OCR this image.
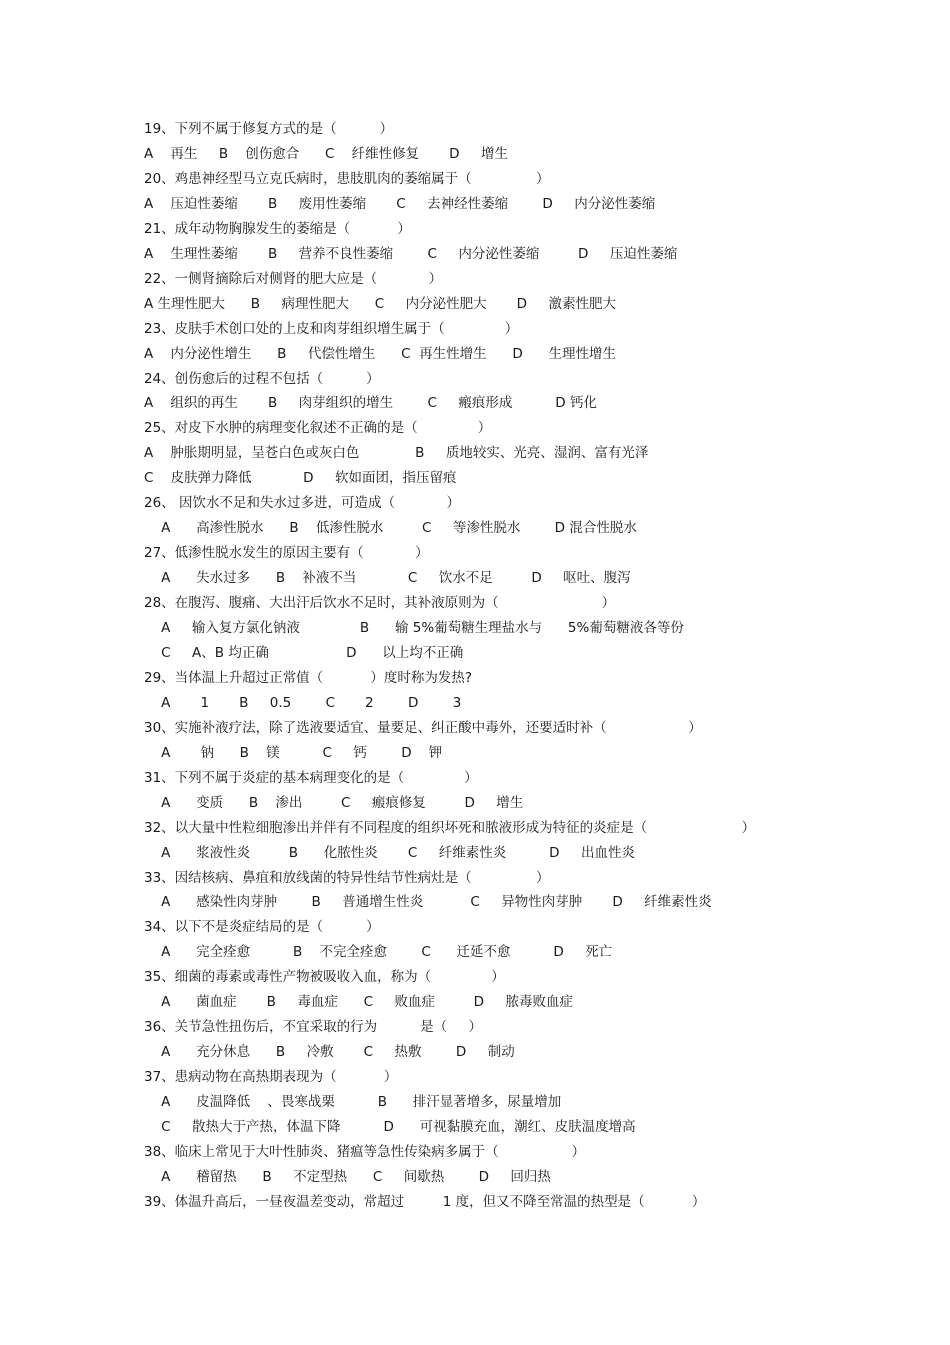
19、下列不属于修复方式的是（          ）
A    再生     B    创伤愈合      C    纤维性修复       D     增生
20、鸡患神经型马立克氏病时，患肢肌肉的萎缩属于（               ）
A    压迫性萎缩       B     废用性萎缩       C     去神经性萎缩        D     内分泌性萎缩
21、成年动物胸腺发生的萎缩是（           ）
A    生理性萎缩       B     营养不良性萎缩        C     内分泌性萎缩         D     压迫性萎缩
22、一侧肾摘除后对侧肾的肥大应是（            ）
A 生理性肥大      B     病理性肥大      C     内分泌性肥大       D     激素性肥大
23、皮肤手术创口处的上皮和肉芽组织增生属于（              ）
A    内分泌性增生      B     代偿性增生      C  再生性增生      D      生理性增生
24、创伤愈后的过程不包括（          ）
A    组织的再生       B     肉芽组织的增生        C     瘢痕形成          D 钙化
25、对皮下水肿的病理变化叙述不正确的是（              ）
A    肿胀期明显，呈苍白色或灰白色             B     质地较实、光亮、湿润、富有光泽
C    皮肤弹力降低            D     软如面团，指压留痕
26、 因饮水不足和失水过多进，可造成（            ）
A      高渗性脱水      B    低渗性脱水         C     等渗性脱水        D 混合性脱水
27、低渗性脱水发生的原因主要有（            ）
A      失水过多      B    补液不当            C     饮水不足         D     呕吐、腹泻
28、在腹泻、腹痛、大出汗后饮水不足时，其补液原则为（                        ）
A     输入复方氯化钠液              B      输 5%葡萄糖生理盐水与      5%葡萄糖液各等份
C     A、B 均正确                  D      以上均不正确
29、当体温上升超过正常值（           ）度时称为发热?
A       1       B     0.5        C       2        D        3
30、实施补液疗法，除了选液要适宜、量要足、纠正酸中毒外，还要适时补（                   ）
A       钠      B    镁          C     钙        D    钾
31、下列不属于炎症的基本病理变化的是（              ）
A      变质      B    渗出         C     瘢痕修复         D     增生
32、以大量中性粒细胞渗出并伴有不同程度的组织坏死和脓液形成为特征的炎症是（                      ）
A      浆液性炎         B      化脓性炎       C     纤维素性炎          D     出血性炎
33、因结核病、鼻疽和放线菌的特异性结节性病灶是（               ）
A      感染性肉芽肿        B     普通增生性炎           C     异物性肉芽肿       D     纤维素性炎
34、以下不是炎症结局的是（          ）
A      完全痊愈          B    不完全痊愈        C      迁延不愈          D     死亡
35、细菌的毒素或毒性产物被吸收入血，称为（              ）
A      菌血症       B     毒血症      C     败血症         D     脓毒败血症
36、关节急性扭伤后，不宜采取的行为          是（     ）
A      充分休息      B     冷敷       C     热敷        D     制动
37、患病动物在高热期表现为（           ）
A      皮温降低    、畏寒战栗          B      排汗显著增多，尿量增加
C     散热大于产热，体温下降          D      可视黏膜充血，潮红、皮肤温度增高
38、临床上常见于大叶性肺炎、猪瘟等急性传染病多属于（                 ）
A      稽留热      B     不定型热      C     间歇热        D     回归热
39、体温升高后，一昼夜温差变动，常超过         1 度，但又不降至常温的热型是（           ）
